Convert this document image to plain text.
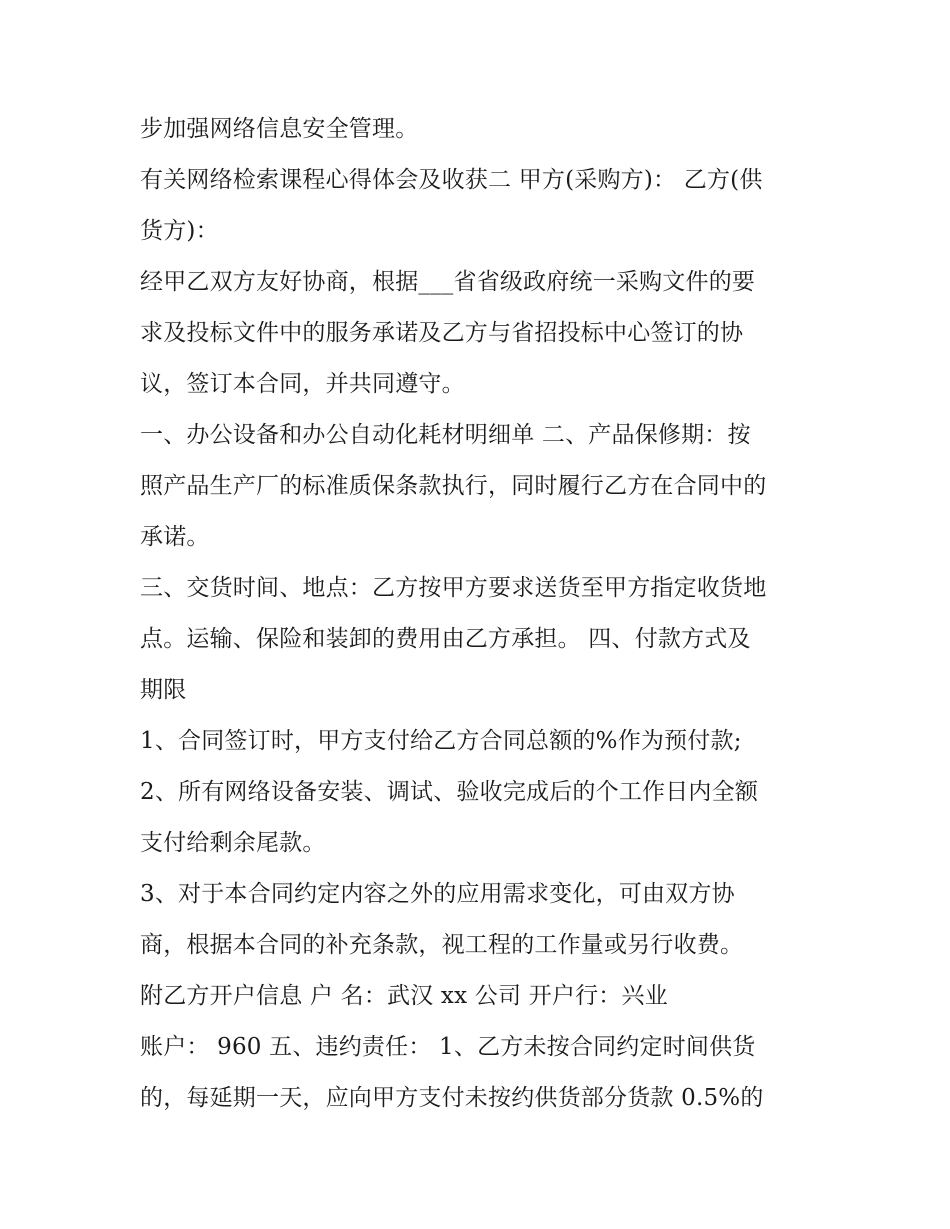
步加强网络信息安全管理。
有关网络检索课程心得体会及收获二 甲方(采购方)： 乙方(供
货方)：
经甲乙双方友好协商，根据___省省级政府统一采购文件的要
求及投标文件中的服务承诺及乙方与省招投标中心签订的协
议，签订本合同，并共同遵守。
一、办公设备和办公自动化耗材明细单 二、产品保修期：按
照产品生产厂的标准质保条款执行，同时履行乙方在合同中的
承诺。
三、交货时间、地点：乙方按甲方要求送货至甲方指定收货地
点。运输、保险和装卸的费用由乙方承担。 四、付款方式及
期限
1、合同签订时，甲方支付给乙方合同总额的%作为预付款;
2、所有网络设备安装、调试、验收完成后的个工作日内全额
支付给剩余尾款。
3、对于本合同约定内容之外的应用需求变化，可由双方协
商，根据本合同的补充条款，视工程的工作量或另行收费。
附乙方开户信息 户 名：武汉 xx 公司 开户行：兴业
账户： 960 五、违约责任： 1、乙方未按合同约定时间供货
的，每延期一天，应向甲方支付未按约供货部分货款 0.5%的
